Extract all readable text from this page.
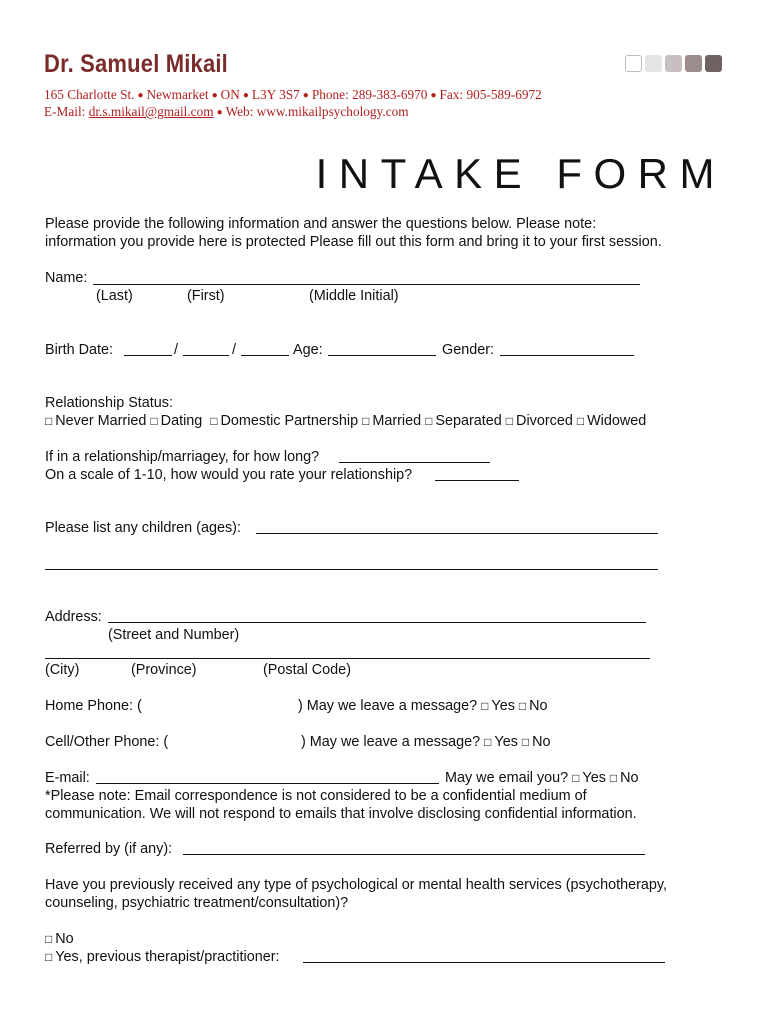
Dr. Samuel Mikail
165 Charlotte St. ● Newmarket ● ON ● L3Y 3S7 ● Phone: 289-383-6970 ● Fax: 905-589-6972
E-Mail: dr.s.mikail@gmail.com ● Web: www.mikailpsychology.com
INTAKE FORM
Please provide the following information and answer the questions below. Please note:
information you provide here is protected Please fill out this form and bring it to your first session.
Name:
(Last)	(First)	(Middle Initial)
Birth Date:	/	/	Age:	Gender:
Relationship Status:
□ Never Married □ Dating □ Domestic Partnership □ Married □ Separated □ Divorced □ Widowed
If in a relationship/marriagey, for how long?
On a scale of 1-10, how would you rate your relationship?
Please list any children (ages):
Address:
(Street and Number)
(City)	(Province)	(Postal Code)
Home Phone: (	) May we leave a message? □ Yes □ No
Cell/Other Phone: (	) May we leave a message? □ Yes □ No
E-mail:	May we email you? □ Yes □ No
*Please note: Email correspondence is not considered to be a confidential medium of
communication. We will not respond to emails that involve disclosing confidential information.
Referred by (if any):
Have you previously received any type of psychological or mental health services (psychotherapy,
counseling, psychiatric treatment/consultation)?
□ No
□ Yes, previous therapist/practitioner:
